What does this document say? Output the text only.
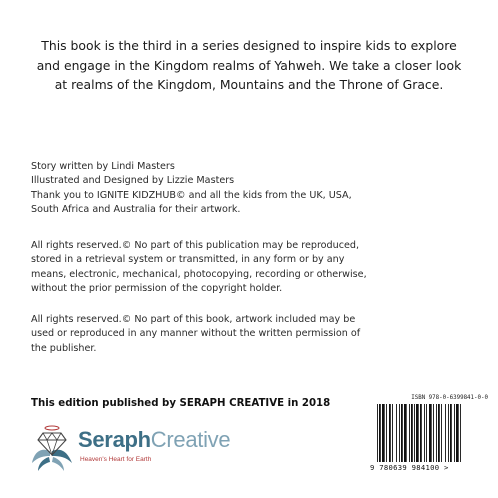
This book is the third in a series designed to inspire kids to explore
and engage in the Kingdom realms of Yahweh. We take a closer look
at realms of the Kingdom, Mountains and the Throne of Grace.
Story written by Lindi Masters
Illustrated and Designed by Lizzie Masters
Thank you to IGNITE KIDZHUB© and all the kids from the UK, USA,
South Africa and Australia for their artwork.
All rights reserved.© No part of this publication may be reproduced,
stored in a retrieval system or transmitted, in any form or by any
means, electronic, mechanical, photocopying, recording or otherwise,
without the prior permission of the copyright holder.
All rights reserved.© No part of this book, artwork included may be
used or reproduced in any manner without the written permission of
the publisher.
This edition published by SERAPH CREATIVE in 2018
SeraphCreative
Heaven's Heart for Earth
ISBN 978-0-6399841-0-0
9 780639 984100 >
